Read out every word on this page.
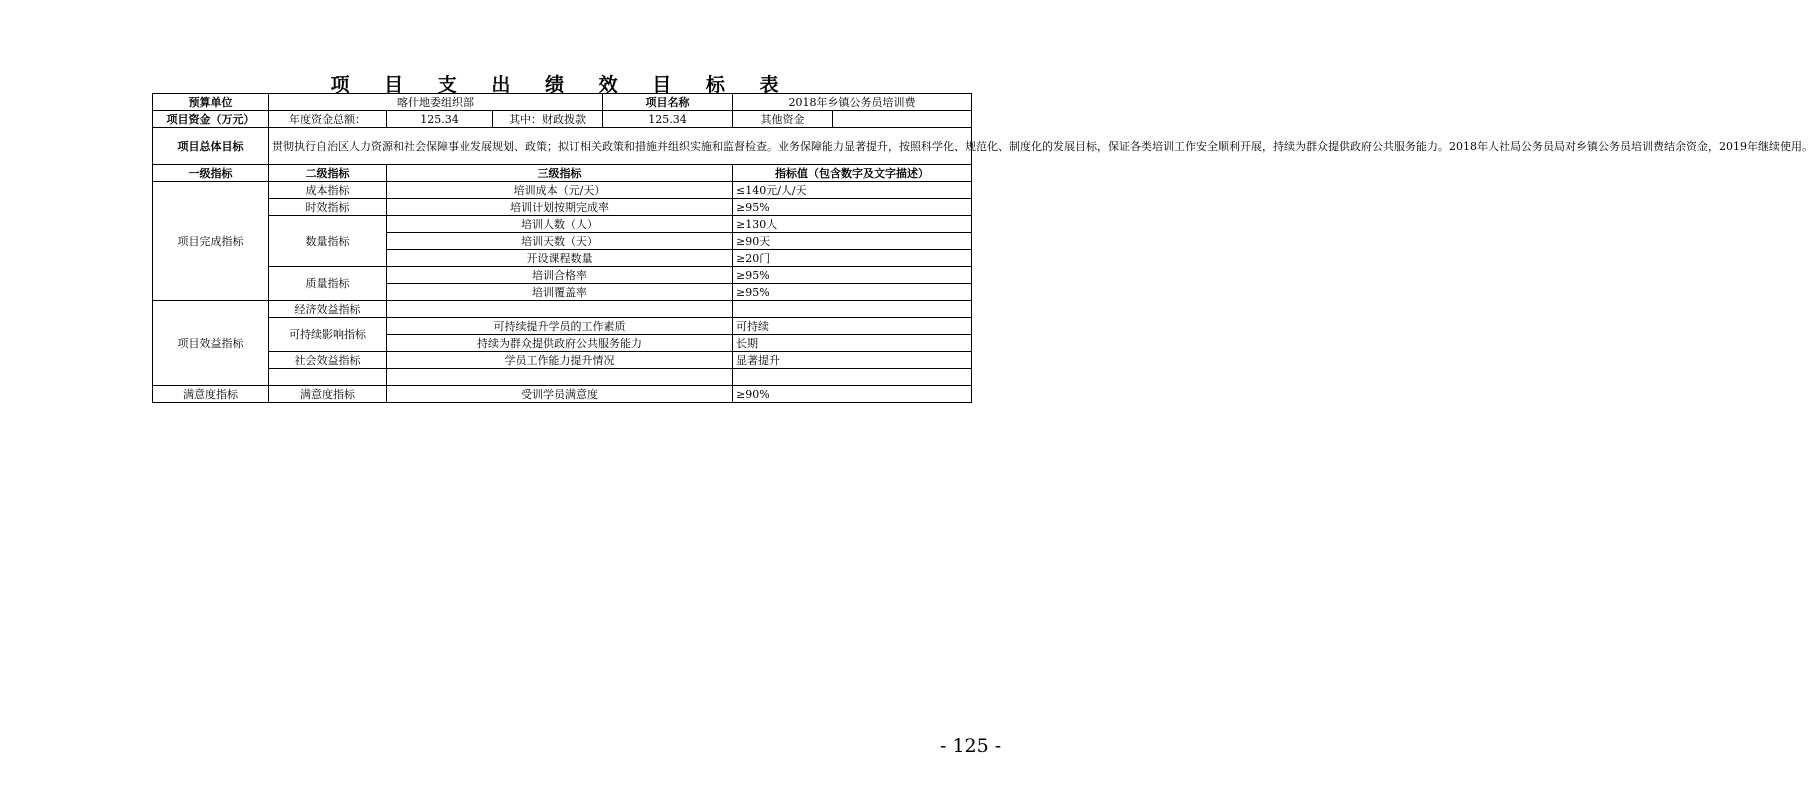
项 目 支 出 绩 效 目 标 表
预算单位	喀什地委组织部			项目名称	2018年乡镇公务员培训费	
项目资金（万元）	年度资金总额：	125.34	其中：财政拨款	125.34	其他资金	
项目总体目标	贯彻执行自治区人力资源和社会保障事业发展规划、政策；拟订相关政策和措施并组织实施和监督检查。业务保障能力显著提升，按照科学化、规范化、制度化的发展目标，保证各类培训工作安全顺利开展，持续为群众提供政府公共服务能力。2018年人社局公务员局对乡镇公务员培训费结余资金，2019年继续使用。					
一级指标	二级指标	三级指标			指标值（包含数字及文字描述）	
项目完成指标	成本指标	培训成本（元/天）			≤140元/人/天	
	时效指标	培训计划按期完成率			≥95%	
	数量指标	培训人数（人）			≥130人	
		培训天数（天）			≥90天	
		开设课程数量			≥20门	
	质量指标	培训合格率			≥95%	
		培训覆盖率			≥95%	
项目效益指标	经济效益指标					
	可持续影响指标	可持续提升学员的工作素质			可持续	
		持续为群众提供政府公共服务能力			长期	
	社会效益指标	学员工作能力提升情况			显著提升	

满意度指标	满意度指标	受训学员满意度			≥90%	
- 125 -
